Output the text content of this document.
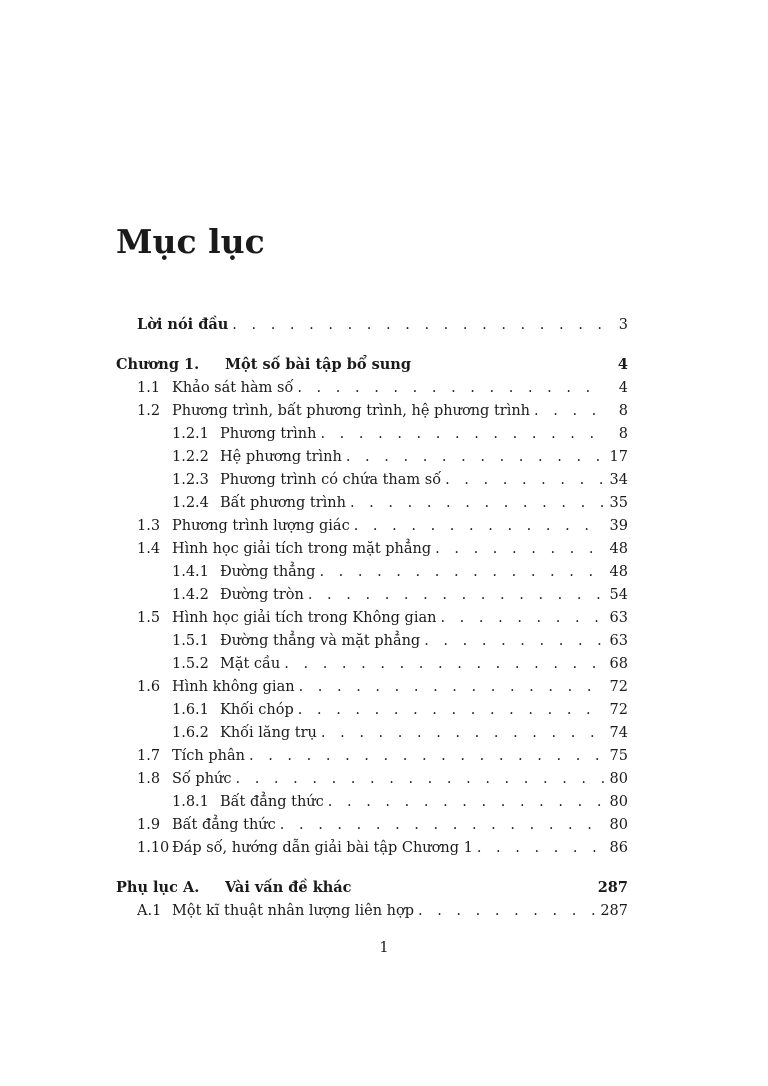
Mục lục
Lời nói đầu . . .	3
Chương 1. Một số bài tập bổ sung	4
1.1 Khảo sát hàm số . . .	4
1.2 Phương trình, bất phương trình, hệ phương trình . . .	8
1.2.1 Phương trình . . .	8
1.2.2 Hệ phương trình . . .	17
1.2.3 Phương trình có chứa tham số . . .	34
1.2.4 Bất phương trình . . .	35
1.3 Phương trình lượng giác . . .	39
1.4 Hình học giải tích trong mặt phẳng . . .	48
1.4.1 Đường thẳng . . .	48
1.4.2 Đường tròn . . .	54
1.5 Hình học giải tích trong Không gian . . .	63
1.5.1 Đường thẳng và mặt phẳng . . .	63
1.5.2 Mặt cầu . . .	68
1.6 Hình không gian . . .	72
1.6.1 Khối chóp . . .	72
1.6.2 Khối lăng trụ . . .	74
1.7 Tích phân . . .	75
1.8 Số phức . . .	80
1.8.1 Bất đẳng thức . . .	80
1.9 Bất đẳng thức . . .	80
1.10 Đáp số, hướng dẫn giải bài tập Chương 1 . . .	86
Phụ lục A. Vài vấn đề khác	287
A.1 Một kĩ thuật nhân lượng liên hợp . . .	287
1
